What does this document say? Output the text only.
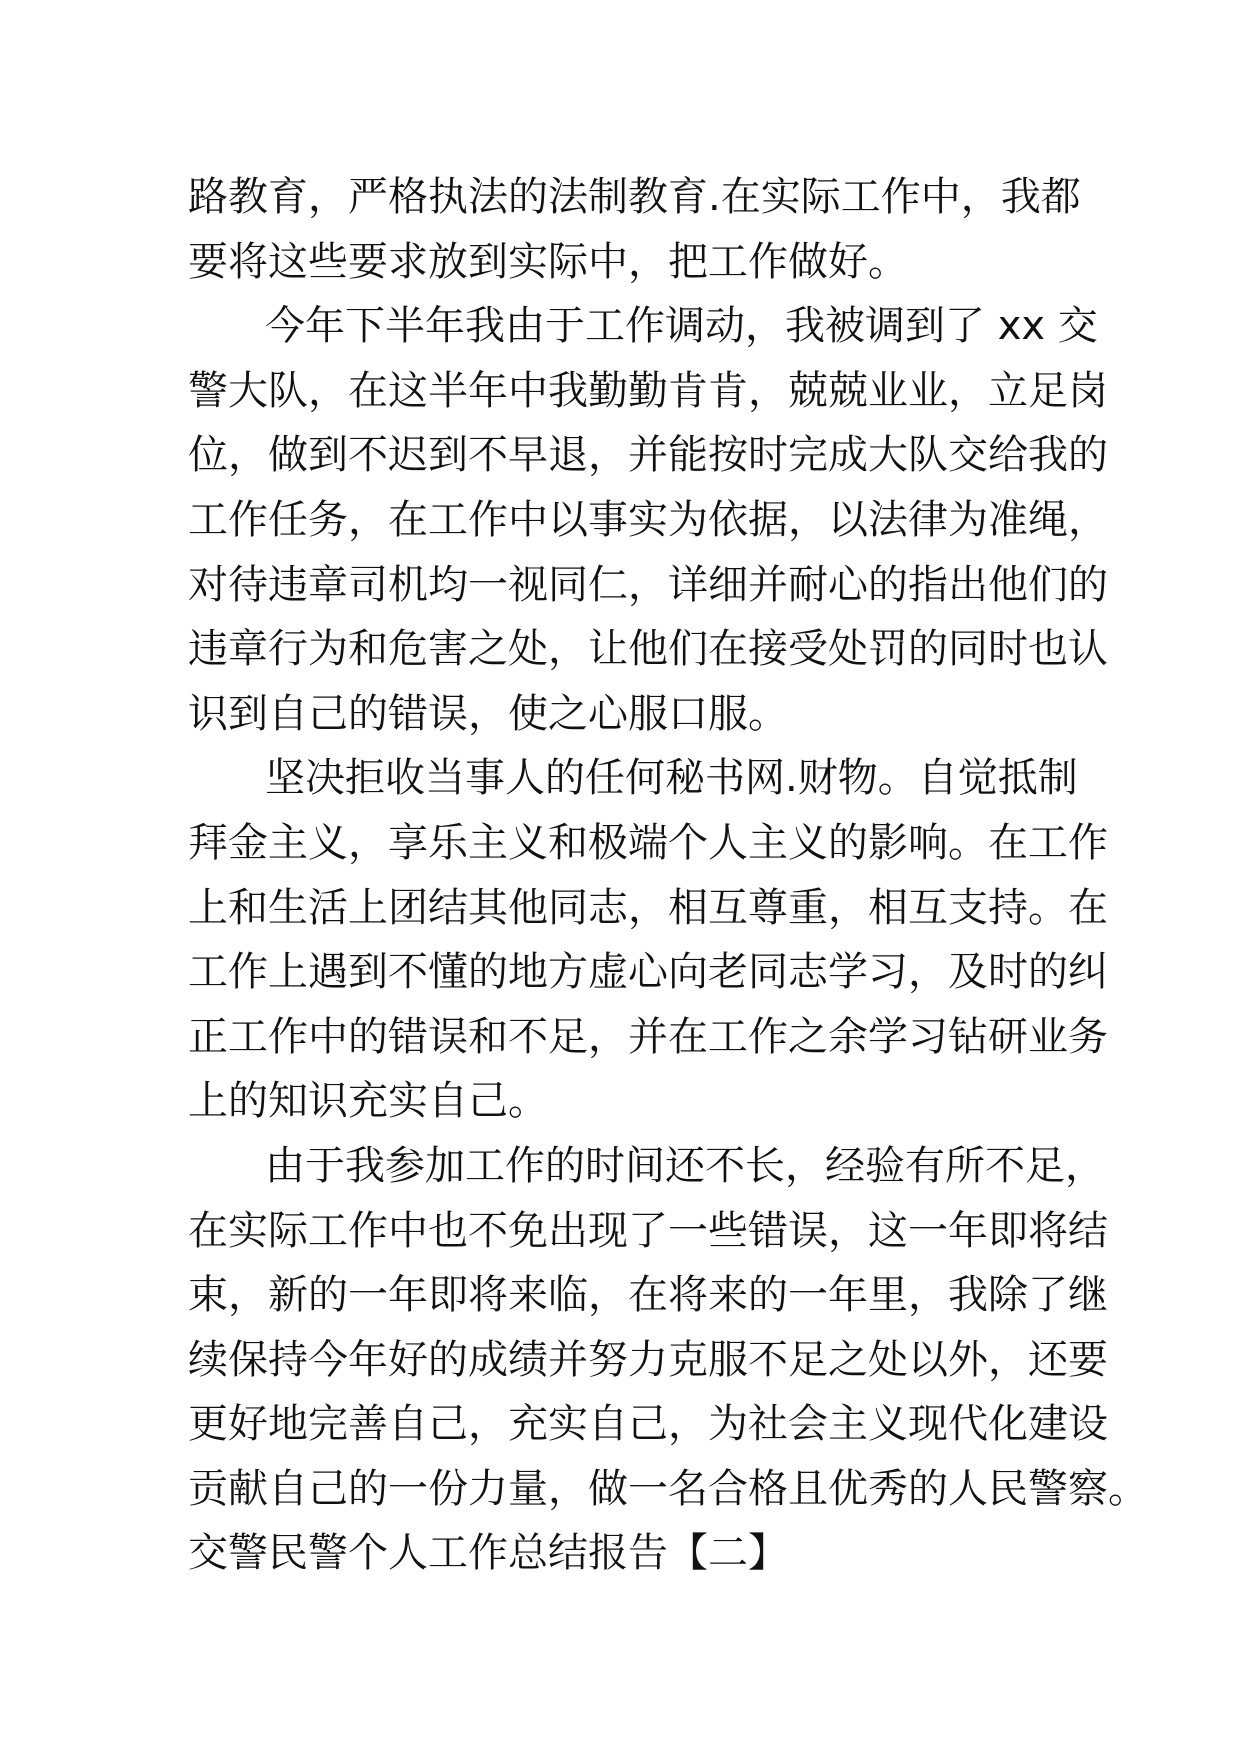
路教育，严格执法的法制教育.在实际工作中，我都
要将这些要求放到实际中，把工作做好。
今年下半年我由于工作调动，我被调到了 xx 交
警大队，在这半年中我勤勤肯肯，兢兢业业，立足岗
位，做到不迟到不早退，并能按时完成大队交给我的
工作任务，在工作中以事实为依据，以法律为准绳，
对待违章司机均一视同仁，详细并耐心的指出他们的
违章行为和危害之处，让他们在接受处罚的同时也认
识到自己的错误，使之心服口服。
坚决拒收当事人的任何秘书网.财物。自觉抵制
拜金主义，享乐主义和极端个人主义的影响。在工作
上和生活上团结其他同志，相互尊重，相互支持。在
工作上遇到不懂的地方虚心向老同志学习，及时的纠
正工作中的错误和不足，并在工作之余学习钻研业务
上的知识充实自己。
由于我参加工作的时间还不长，经验有所不足，
在实际工作中也不免出现了一些错误，这一年即将结
束，新的一年即将来临，在将来的一年里，我除了继
续保持今年好的成绩并努力克服不足之处以外，还要
更好地完善自己，充实自己，为社会主义现代化建设
贡献自己的一份力量，做一名合格且优秀的人民警察。
交警民警个人工作总结报告【二】
